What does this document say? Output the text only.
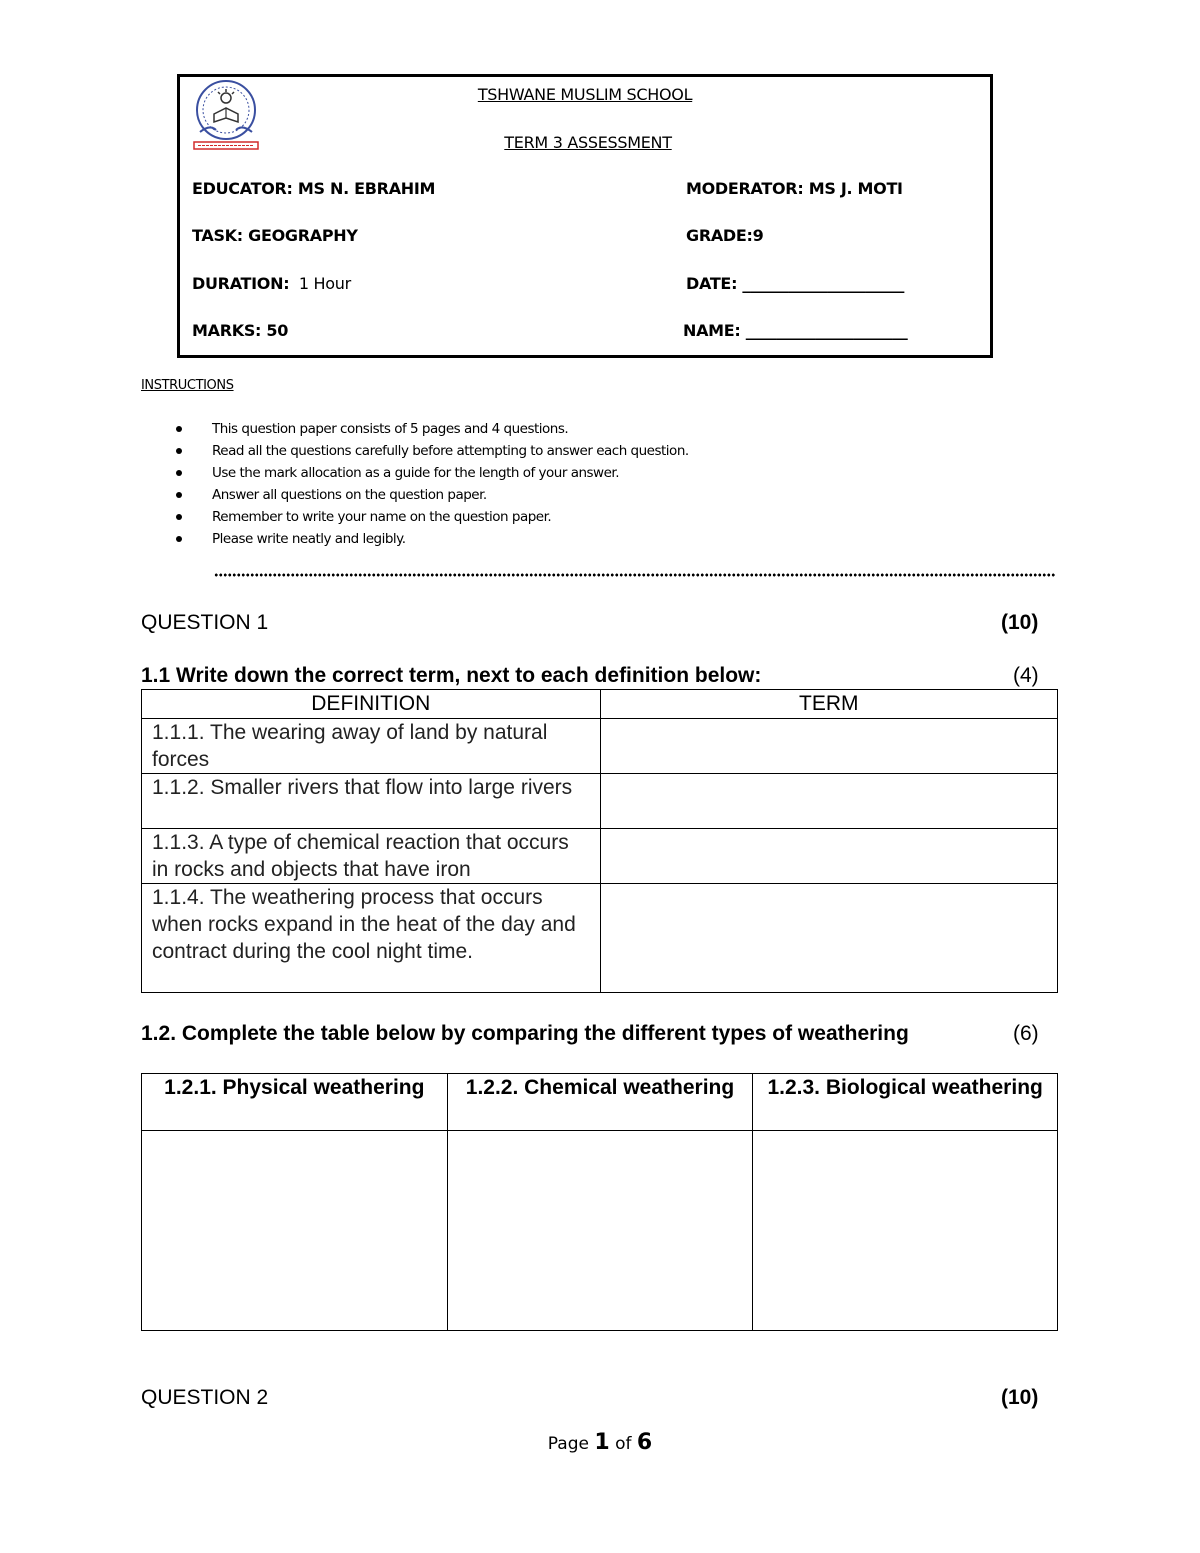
TSHWANE MUSLIM SCHOOL
TERM 3 ASSESSMENT
EDUCATOR: MS N. EBRAHIM	MODERATOR: MS J. MOTI
TASK: GEOGRAPHY	GRADE:9
DURATION: 1 Hour	DATE: _____________________
MARKS: 50	NAME: _____________________
INSTRUCTIONS
This question paper consists of 5 pages and 4 questions.
Read all the questions carefully before attempting to answer each question.
Use the mark allocation as a guide for the length of your answer.
Answer all questions on the question paper.
Remember to write your name on the question paper.
Please write neatly and legibly.
QUESTION 1	(10)
1.1 Write down the correct term, next to each definition below:	(4)
DEFINITION	TERM
1.1.1. The wearing away of land by natural forces	
1.1.2. Smaller rivers that flow into large rivers	
1.1.3. A type of chemical reaction that occurs in rocks and objects that have iron	
1.1.4. The weathering process that occurs when rocks expand in the heat of the day and contract during the cool night time.	
1.2. Complete the table below by comparing the different types of weathering	(6)
1.2.1. Physical weathering	1.2.2. Chemical weathering	1.2.3. Biological weathering

QUESTION 2	(10)
Page 1 of 6
